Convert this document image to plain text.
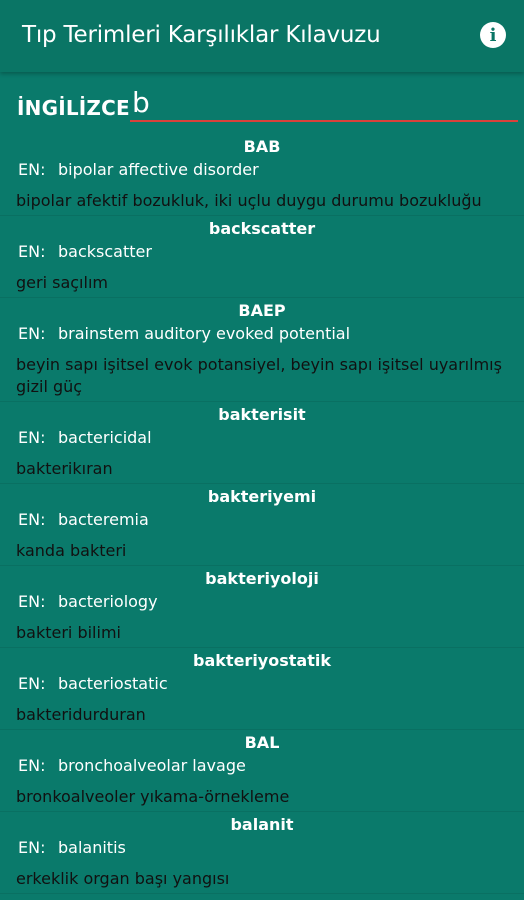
Tıp Terimleri Karşılıklar Kılavuzu	i
İNGİLİZCE
b
BAB
EN: bipolar affective disorder
bipolar afektif bozukluk, iki uçlu duygu durumu bozukluğu
backscatter
EN: backscatter
geri saçılım
BAEP
EN: brainstem auditory evoked potential
beyin sapı işitsel evok potansiyel, beyin sapı işitsel uyarılmış gizil güç
bakterisit
EN: bactericidal
bakterikıran
bakteriyemi
EN: bacteremia
kanda bakteri
bakteriyoloji
EN: bacteriology
bakteri bilimi
bakteriyostatik
EN: bacteriostatic
bakteridurduran
BAL
EN: bronchoalveolar lavage
bronkoalveoler yıkama-örnekleme
balanit
EN: balanitis
erkeklik organ başı yangısı
